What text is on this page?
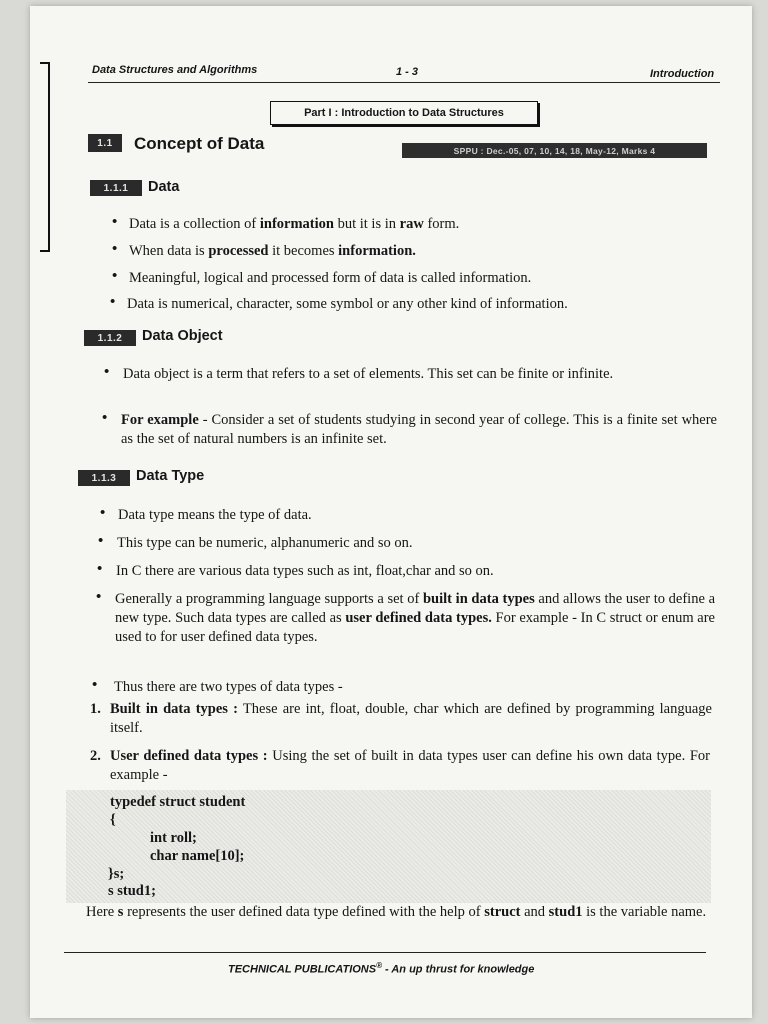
Data Structures and Algorithms	1 - 3	Introduction
Part I : Introduction to Data Structures
1.1	Concept of Data	SPPU : Dec.-05, 07, 10, 14, 18, May-12, Marks 4
1.1.1	Data
• Data is a collection of information but it is in raw form.
• When data is processed it becomes information.
• Meaningful, logical and processed form of data is called information.
• Data is numerical, character, some symbol or any other kind of information.
1.1.2	Data Object
• Data object is a term that refers to a set of elements. This set can be finite or infinite.
• For example - Consider a set of students studying in second year of college. This is a finite set where as the set of natural numbers is an infinite set.
1.1.3	Data Type
• Data type means the type of data.
• This type can be numeric, alphanumeric and so on.
• In C there are various data types such as int, float,char and so on.
• Generally a programming language supports a set of built in data types and allows the user to define a new type. Such data types are called as user defined data types. For example - In C struct or enum are used to for user defined data types.
• Thus there are two types of data types -
1. Built in data types : These are int, float, double, char which are defined by programming language itself.
2. User defined data types : Using the set of built in data types user can define his own data type. For example -
typedef struct student
{
int roll;
char name[10];
}s;
s stud1;
Here s represents the user defined data type defined with the help of struct and stud1 is the variable name.
TECHNICAL PUBLICATIONS® - An up thrust for knowledge
